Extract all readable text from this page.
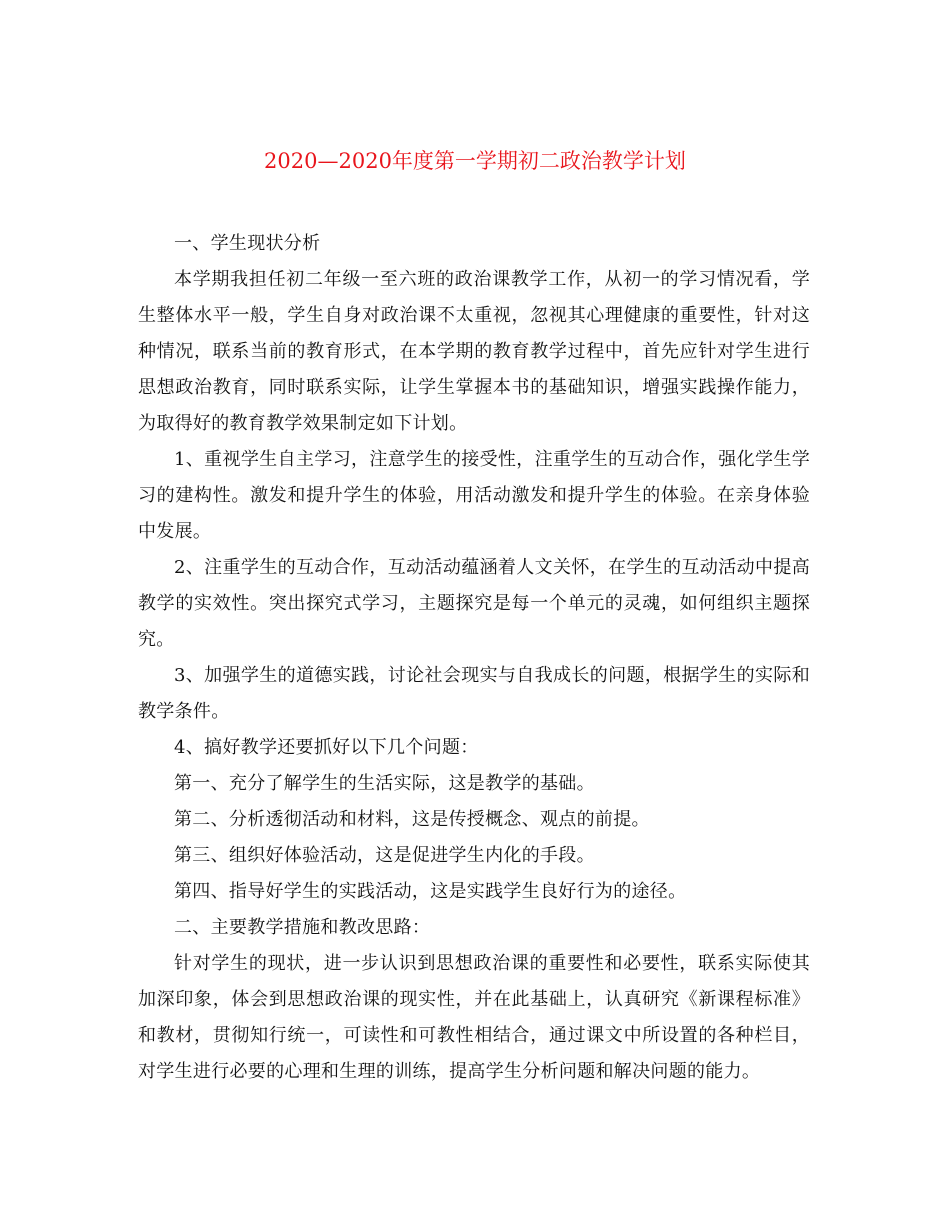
2020—2020年度第一学期初二政治教学计划

一、学生现状分析

本学期我担任初二年级一至六班的政治课教学工作，从初一的学习情况看，学生整体水平一般，学生自身对政治课不太重视，忽视其心理健康的重要性，针对这种情况，联系当前的教育形式，在本学期的教育教学过程中，首先应针对学生进行思想政治教育，同时联系实际，让学生掌握本书的基础知识，增强实践操作能力，为取得好的教育教学效果制定如下计划。

1、重视学生自主学习，注意学生的接受性，注重学生的互动合作，强化学生学习的建构性。激发和提升学生的体验，用活动激发和提升学生的体验。在亲身体验中发展。

2、注重学生的互动合作，互动活动蕴涵着人文关怀，在学生的互动活动中提高教学的实效性。突出探究式学习，主题探究是每一个单元的灵魂，如何组织主题探究。

3、加强学生的道德实践，讨论社会现实与自我成长的问题，根据学生的实际和教学条件。

4、搞好教学还要抓好以下几个问题：

第一、充分了解学生的生活实际，这是教学的基础。

第二、分析透彻活动和材料，这是传授概念、观点的前提。

第三、组织好体验活动，这是促进学生内化的手段。

第四、指导好学生的实践活动，这是实践学生良好行为的途径。

二、主要教学措施和教改思路：

针对学生的现状，进一步认识到思想政治课的重要性和必要性，联系实际使其加深印象，体会到思想政治课的现实性，并在此基础上，认真研究《新课程标准》和教材，贯彻知行统一，可读性和可教性相结合，通过课文中所设置的各种栏目，对学生进行必要的心理和生理的训练，提高学生分析问题和解决问题的能力。
